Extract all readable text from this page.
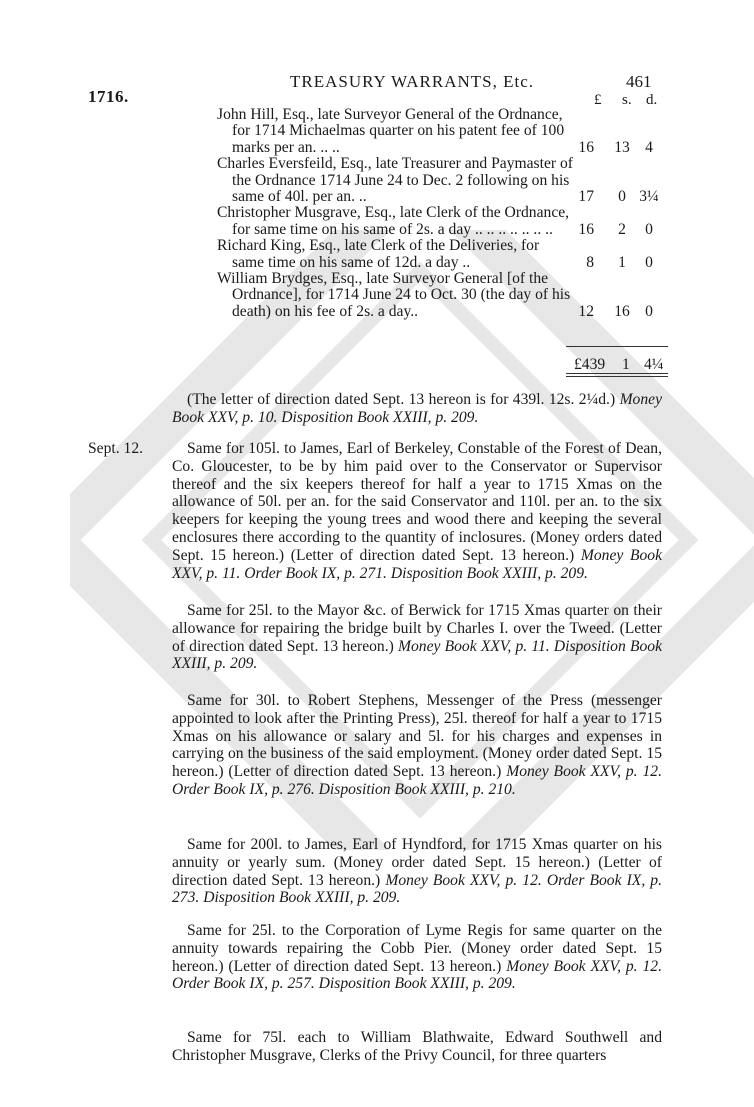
1716.
TREASURY WARRANTS, Etc.	461
£ s. d.
John Hill, Esq., late Surveyor General of the Ordnance, for 1714 Michaelmas quarter on his patent fee of 100 marks per an. .. ..	16 13 4
Charles Eversfeild, Esq., late Treasurer and Paymaster of the Ordnance 1714 June 24 to Dec. 2 following on his same of 40l. per an. ..	17	0 3¼
Christopher Musgrave, Esq., late Clerk of the Ordnance, for same time on his same of 2s. a day .. .. .. .. .. .. ..	16	2	0
Richard King, Esq., late Clerk of the Deliveries, for same time on his same of 12d. a day ..	8	1	0
William Brydges, Esq., late Surveyor General [of the Ordnance], for 1714 June 24 to Oct. 30 (the day of his death) on his fee of 2s. a day..	12 16 0
£439 1 4¼
(The letter of direction dated Sept. 13 hereon is for 439l. 12s. 2¼d.) Money Book XXV, p. 10. Disposition Book XXIII, p. 209.
Sept. 12.	Same for 105l. to James, Earl of Berkeley, Constable of the Forest of Dean, Co. Gloucester, to be by him paid over to the Conservator or Supervisor thereof and the six keepers thereof for half a year to 1715 Xmas on the allowance of 50l. per an. for the said Conservator and 110l. per an. to the six keepers for keeping the young trees and wood there and keeping the several enclosures there according to the quantity of inclosures. (Money orders dated Sept. 15 hereon.) (Letter of direction dated Sept. 13 hereon.) Money Book XXV, p. 11. Order Book IX, p. 271. Disposition Book XXIII, p. 209.
Same for 25l. to the Mayor &c. of Berwick for 1715 Xmas quarter on their allowance for repairing the bridge built by Charles I. over the Tweed. (Letter of direction dated Sept. 13 hereon.) Money Book XXV, p. 11. Disposition Book XXIII, p. 209.
Same for 30l. to Robert Stephens, Messenger of the Press (messenger appointed to look after the Printing Press), 25l. thereof for half a year to 1715 Xmas on his allowance or salary and 5l. for his charges and expenses in carrying on the business of the said employment. (Money order dated Sept. 15 hereon.) (Letter of direction dated Sept. 13 hereon.) Money Book XXV, p. 12. Order Book IX, p. 276. Disposition Book XXIII, p. 210.
Same for 200l. to James, Earl of Hyndford, for 1715 Xmas quarter on his annuity or yearly sum. (Money order dated Sept. 15 hereon.) (Letter of direction dated Sept. 13 hereon.) Money Book XXV, p. 12. Order Book IX, p. 273. Disposition Book XXIII, p. 209.
Same for 25l. to the Corporation of Lyme Regis for same quarter on the annuity towards repairing the Cobb Pier. (Money order dated Sept. 15 hereon.) (Letter of direction dated Sept. 13 hereon.) Money Book XXV, p. 12. Order Book IX, p. 257. Disposition Book XXIII, p. 209.
Same for 75l. each to William Blathwaite, Edward Southwell and Christopher Musgrave, Clerks of the Privy Council, for three quarters
